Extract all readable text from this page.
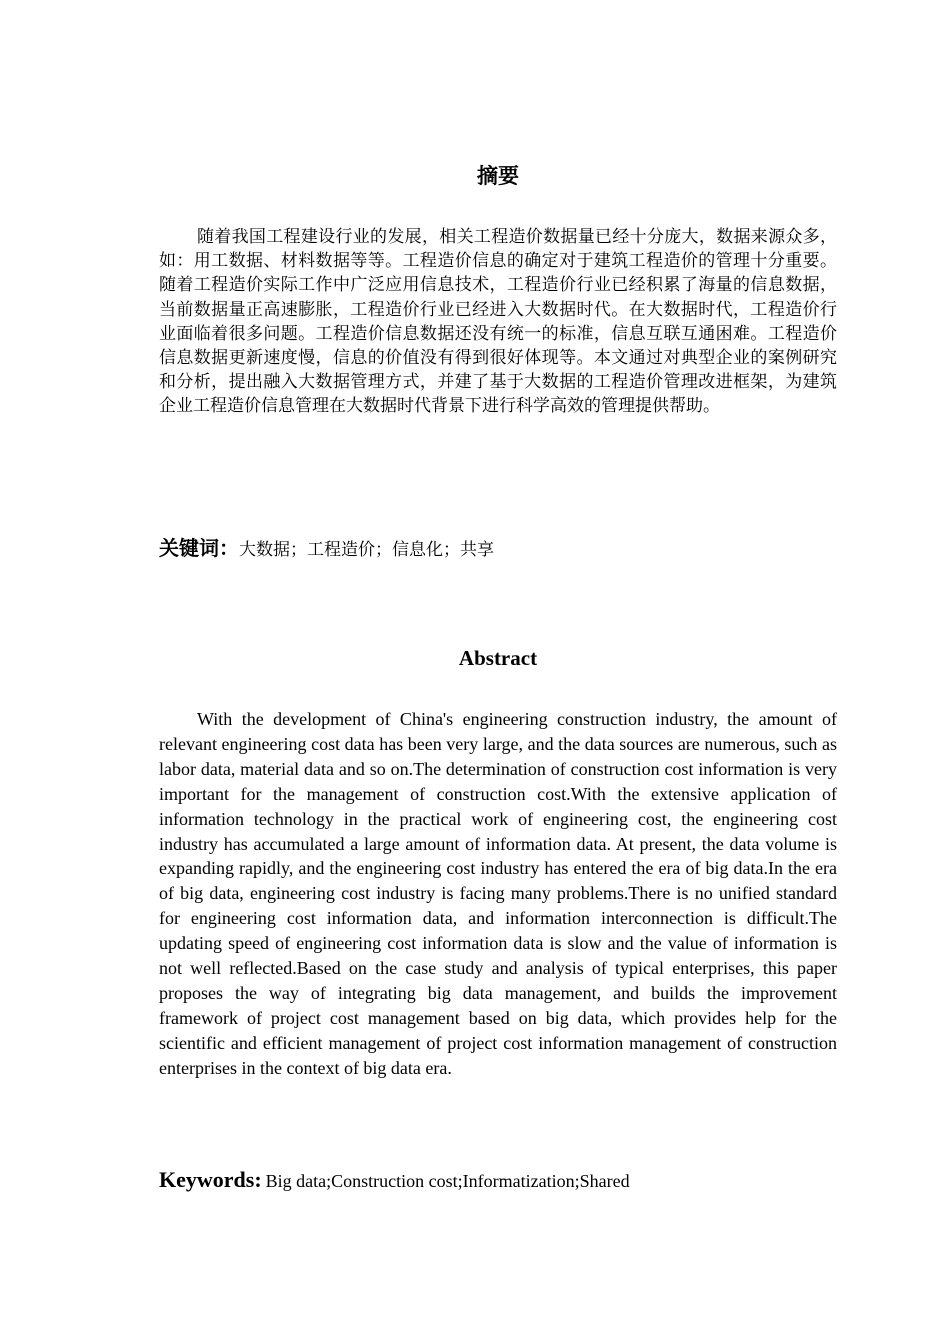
摘要

随着我国工程建设行业的发展，相关工程造价数据量已经十分庞大，数据来源众多，如：用工数据、材料数据等等。工程造价信息的确定对于建筑工程造价的管理十分重要。随着工程造价实际工作中广泛应用信息技术，工程造价行业已经积累了海量的信息数据，当前数据量正高速膨胀，工程造价行业已经进入大数据时代。在大数据时代，工程造价行业面临着很多问题。工程造价信息数据还没有统一的标准，信息互联互通困难。工程造价信息数据更新速度慢，信息的价值没有得到很好体现等。本文通过对典型企业的案例研究和分析，提出融入大数据管理方式，并建了基于大数据的工程造价管理改进框架，为建筑企业工程造价信息管理在大数据时代背景下进行科学高效的管理提供帮助。

关键词：大数据；工程造价；信息化；共享
Abstract

With the development of China's engineering construction industry, the amount of relevant engineering cost data has been very large, and the data sources are numerous, such as labor data, material data and so on.The determination of construction cost information is very important for the management of construction cost.With the extensive application of information technology in the practical work of engineering cost, the engineering cost industry has accumulated a large amount of information data. At present, the data volume is expanding rapidly, and the engineering cost industry has entered the era of big data.In the era of big data, engineering cost industry is facing many problems.There is no unified standard for engineering cost information data, and information interconnection is difficult.The updating speed of engineering cost information data is slow and the value of information is not well reflected.Based on the case study and analysis of typical enterprises, this paper proposes the way of integrating big data management, and builds the improvement framework of project cost management based on big data, which provides help for the scientific and efficient management of project cost information management of construction enterprises in the context of big data era.

Keywords: Big data;Construction cost;Informatization;Shared
